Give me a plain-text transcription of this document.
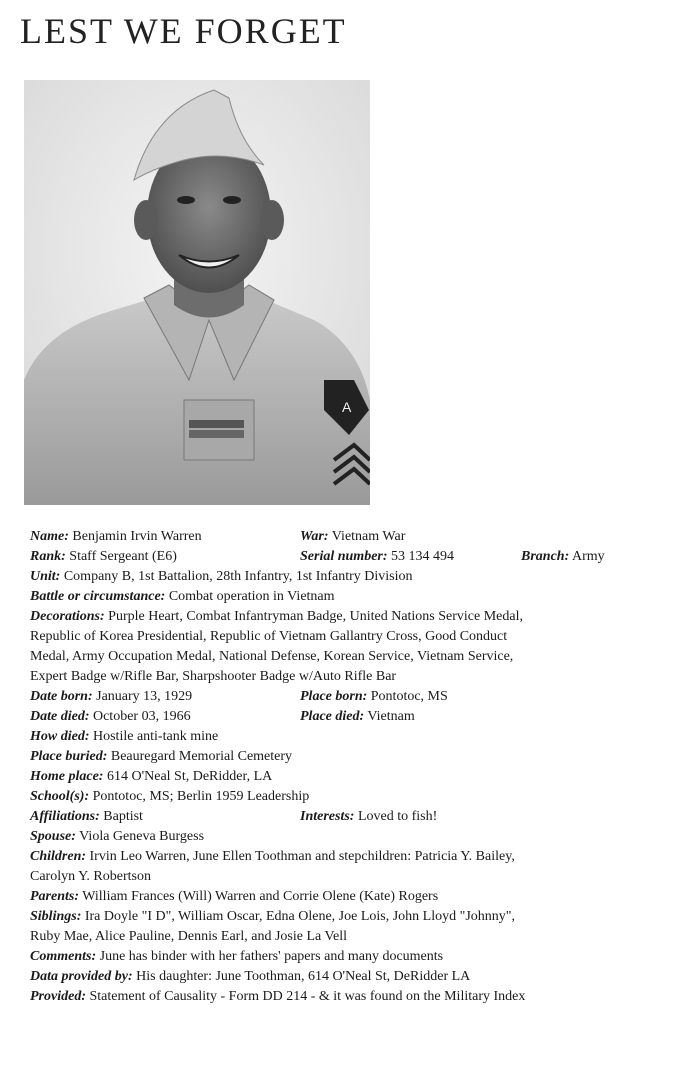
LEST WE FORGET
A
Name: Benjamin Irvin Warren	War: Vietnam War
Rank: Staff Sergeant (E6)	Serial number: 53 134 494	Branch: Army
Unit: Company B, 1st Battalion, 28th Infantry, 1st Infantry Division
Battle or circumstance: Combat operation in Vietnam
Decorations: Purple Heart, Combat Infantryman Badge, United Nations Service Medal,
Republic of Korea Presidential, Republic of Vietnam Gallantry Cross, Good Conduct
Medal, Army Occupation Medal, National Defense, Korean Service, Vietnam Service,
Expert Badge w/Rifle Bar, Sharpshooter Badge w/Auto Rifle Bar
Date born: January 13, 1929	Place born: Pontotoc, MS
Date died: October 03, 1966	Place died: Vietnam
How died: Hostile anti-tank mine
Place buried: Beauregard Memorial Cemetery
Home place: 614 O'Neal St, DeRidder, LA
School(s): Pontotoc, MS; Berlin 1959 Leadership
Affiliations: Baptist	Interests: Loved to fish!
Spouse: Viola Geneva Burgess
Children: Irvin Leo Warren, June Ellen Toothman and stepchildren: Patricia Y. Bailey,
Carolyn Y. Robertson
Parents: William Frances (Will) Warren and Corrie Olene (Kate) Rogers
Siblings: Ira Doyle "I D", William Oscar, Edna Olene, Joe Lois, John Lloyd "Johnny",
Ruby Mae, Alice Pauline, Dennis Earl, and Josie La Vell
Comments: June has binder with her fathers' papers and many documents
Data provided by: His daughter: June Toothman, 614 O'Neal St, DeRidder LA
Provided: Statement of Causality - Form DD 214 - & it was found on the Military Index
